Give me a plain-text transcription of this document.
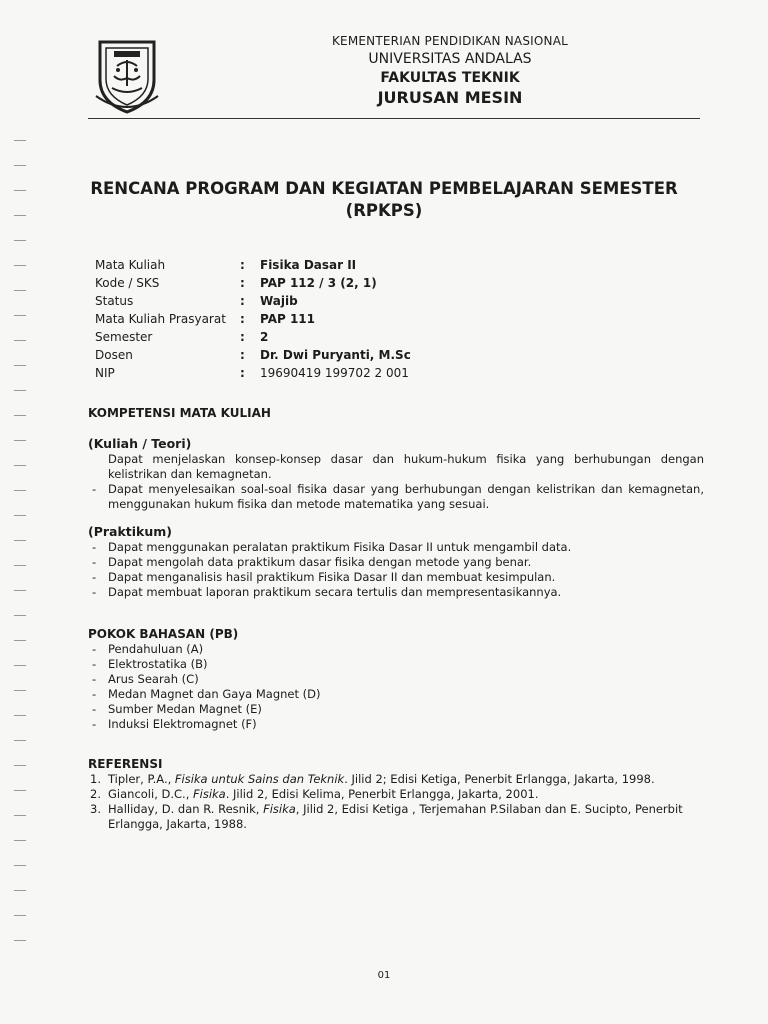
KEMENTERIAN PENDIDIKAN NASIONAL
UNIVERSITAS ANDALAS
FAKULTAS TEKNIK
JURUSAN MESIN
RENCANA PROGRAM DAN KEGIATAN PEMBELAJARAN SEMESTER
(RPKPS)
Mata Kuliah	:	Fisika Dasar II
Kode / SKS	:	PAP 112 / 3 (2, 1)
Status	:	Wajib
Mata Kuliah Prasyarat	:	PAP 111
Semester	:	2
Dosen	:	Dr. Dwi Puryanti, M.Sc
NIP	:	19690419 199702 2 001
KOMPETENSI MATA KULIAH
(Kuliah / Teori)
Dapat menjelaskan konsep-konsep dasar dan hukum-hukum fisika yang berhubungan dengan kelistrikan dan kemagnetan.
- Dapat menyelesaikan soal-soal fisika dasar yang berhubungan dengan kelistrikan dan kemagnetan, menggunakan hukum fisika dan metode matematika yang sesuai.
(Praktikum)
- Dapat menggunakan peralatan praktikum Fisika Dasar II untuk mengambil data.
- Dapat mengolah data praktikum dasar fisika dengan metode yang benar.
- Dapat menganalisis hasil praktikum Fisika Dasar II dan membuat kesimpulan.
- Dapat membuat laporan praktikum secara tertulis dan mempresentasikannya.
POKOK BAHASAN (PB)
- Pendahuluan (A)
- Elektrostatika (B)
- Arus Searah (C)
- Medan Magnet dan Gaya Magnet (D)
- Sumber Medan Magnet (E)
- Induksi Elektromagnet (F)
REFERENSI
1. Tipler, P.A., Fisika untuk Sains dan Teknik. Jilid 2; Edisi Ketiga, Penerbit Erlangga, Jakarta, 1998.
2. Giancoli, D.C., Fisika. Jilid 2, Edisi Kelima, Penerbit Erlangga, Jakarta, 2001.
3. Halliday, D. dan R. Resnik, Fisika, Jilid 2, Edisi Ketiga , Terjemahan P.Silaban dan E. Sucipto, Penerbit Erlangga, Jakarta, 1988.
01
